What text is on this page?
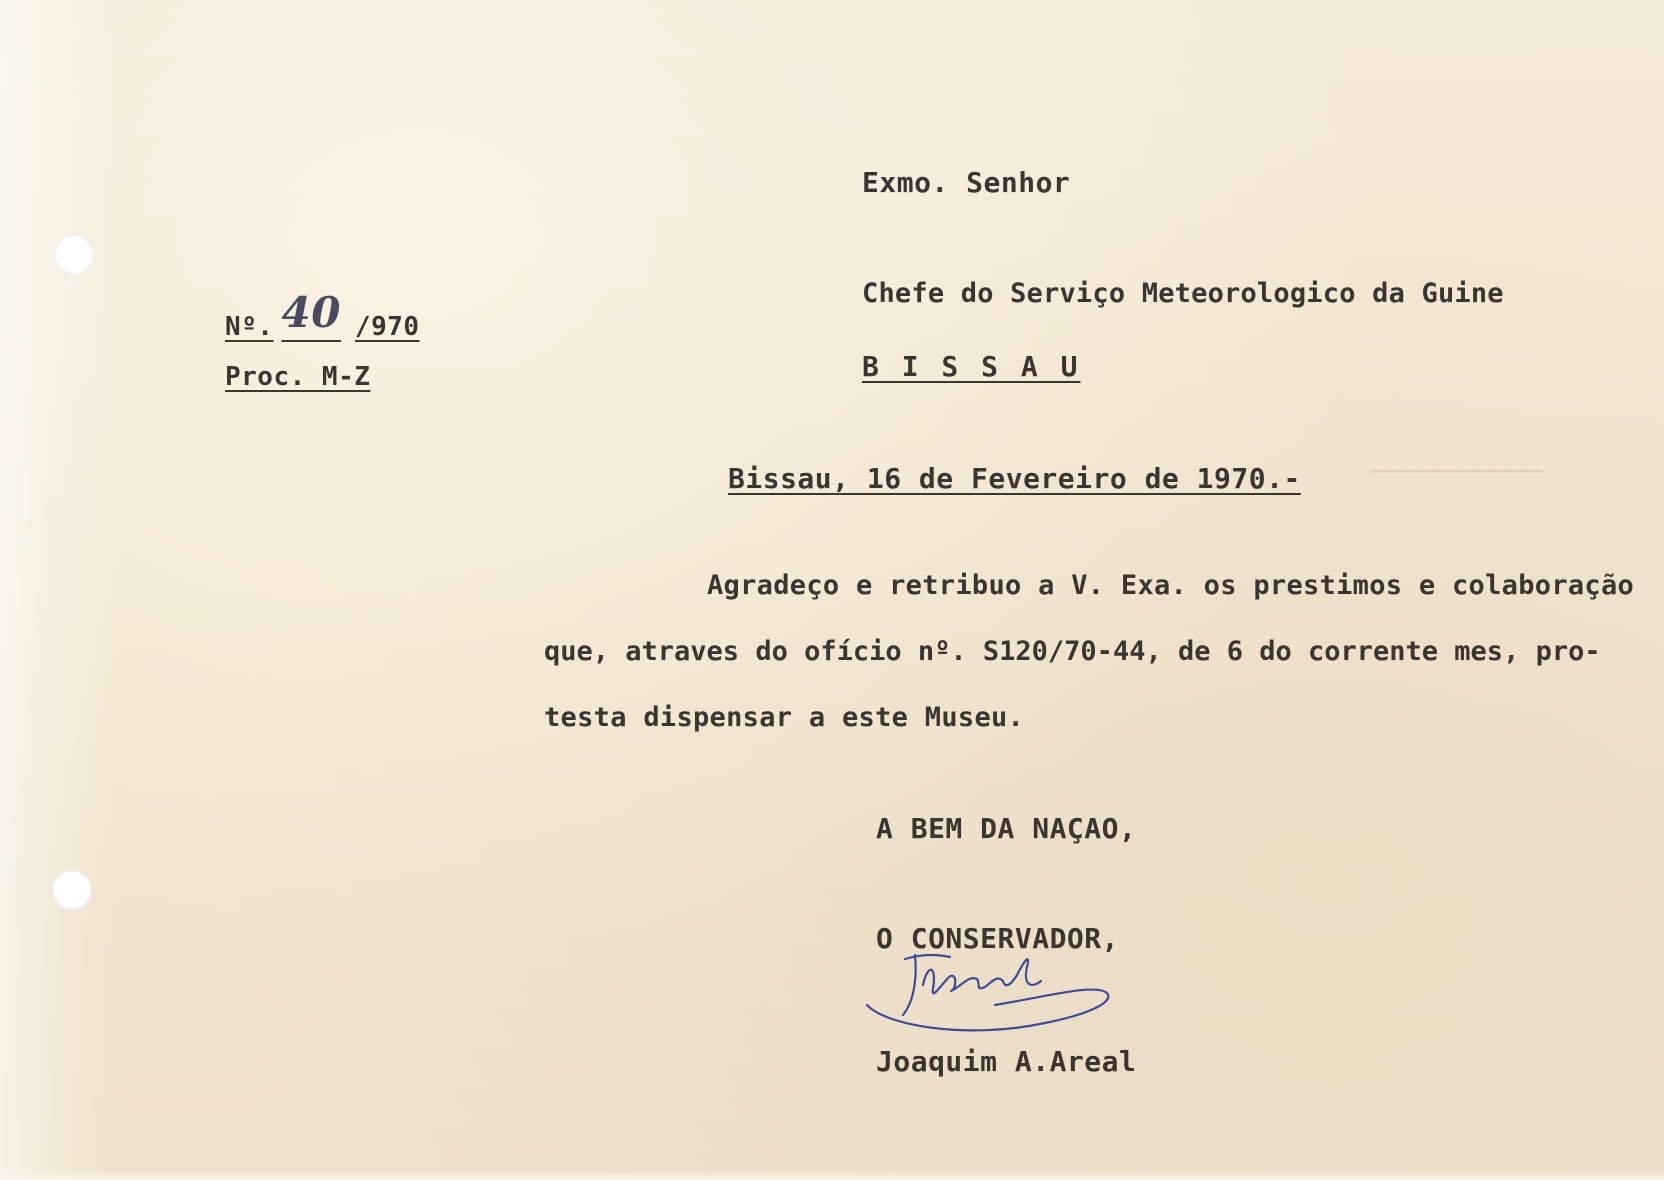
__________
Nº. 40 /970
Proc. M-Z
Exmo. Senhor
Chefe do Serviço Meteorologico da Guine
B I S S A U
Bissau, 16 de Fevereiro de 1970.-
Agradeço e retribuo a V. Exa. os prestimos e colaboração
que, atraves do ofício nº. S120/70-44, de 6 do corrente mes, pro-
testa dispensar a este Museu.
A BEM DA NAÇAO,
O CONSERVADOR,
Joaquim A.Areal
